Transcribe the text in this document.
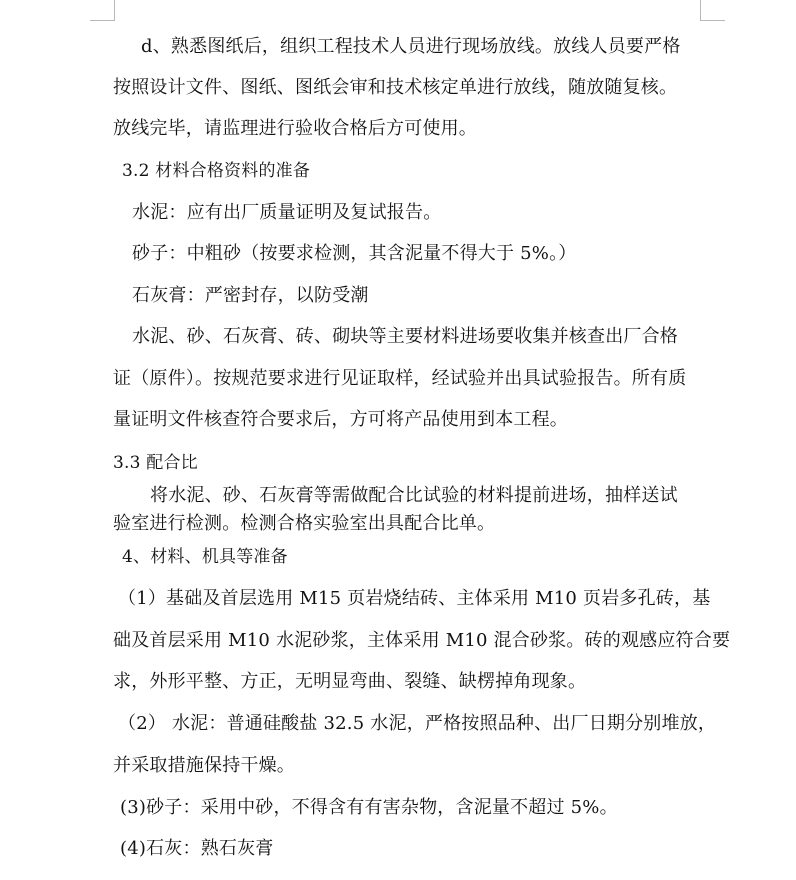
d、熟悉图纸后，组织工程技术人员进行现场放线。放线人员要严格
按照设计文件、图纸、图纸会审和技术核定单进行放线，随放随复核。
放线完毕，请监理进行验收合格后方可使用。
3.2 材料合格资料的准备
水泥：应有出厂质量证明及复试报告。
砂子：中粗砂（按要求检测，其含泥量不得大于 5%。）
石灰膏：严密封存，以防受潮
水泥、砂、石灰膏、砖、砌块等主要材料进场要收集并核查出厂合格
证（原件）。按规范要求进行见证取样，经试验并出具试验报告。所有质
量证明文件核查符合要求后，方可将产品使用到本工程。
3.3 配合比
将水泥、砂、石灰膏等需做配合比试验的材料提前进场，抽样送试
验室进行检测。检测合格实验室出具配合比单。
4、材料、机具等准备
（1）基础及首层选用 M15 页岩烧结砖、主体采用 M10 页岩多孔砖，基
础及首层采用 M10 水泥砂浆，主体采用 M10 混合砂浆。砖的观感应符合要
求，外形平整、方正，无明显弯曲、裂缝、缺楞掉角现象。
（2） 水泥：普通硅酸盐 32.5 水泥，严格按照品种、出厂日期分别堆放，
并采取措施保持干燥。
(3)砂子：采用中砂，不得含有有害杂物，含泥量不超过 5%。
(4)石灰：熟石灰膏
